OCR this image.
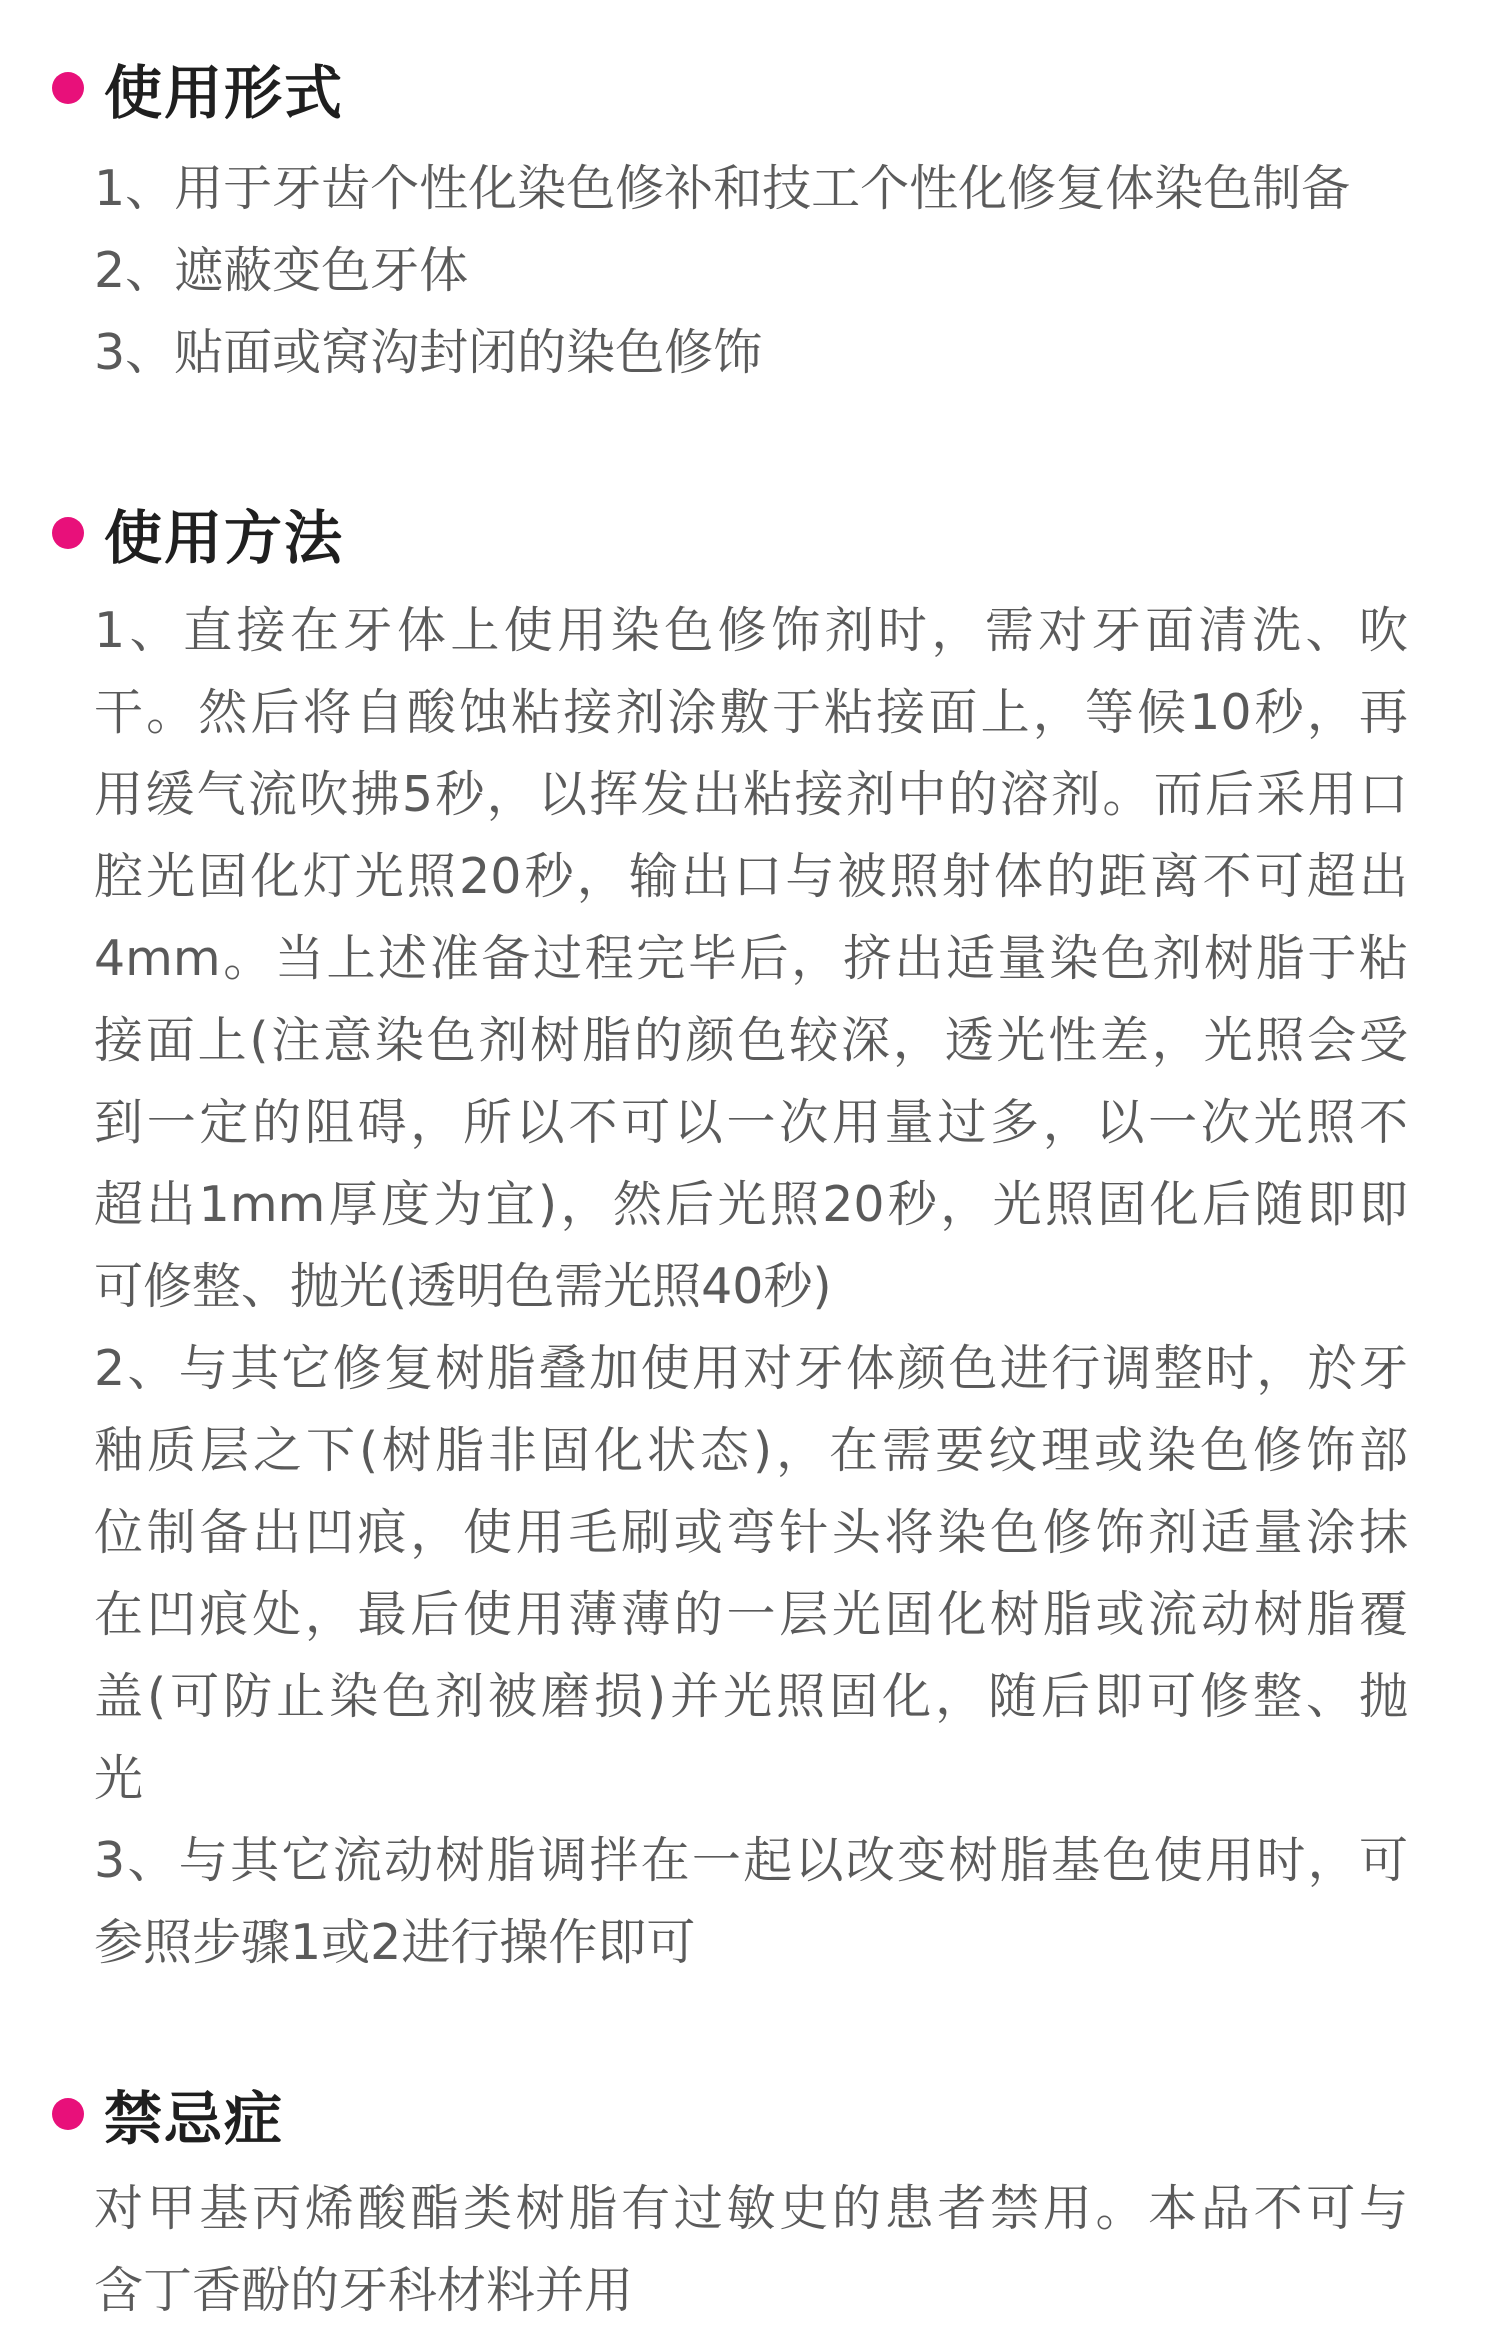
使用形式
1、用于牙齿个性化染色修补和技工个性化修复体染色制备
2、遮蔽变色牙体
3、贴面或窝沟封闭的染色修饰
使用方法
1、直接在牙体上使用染色修饰剂时，需对牙面清洗、吹
干。然后将自酸蚀粘接剂涂敷于粘接面上，等候10秒，再
用缓气流吹拂5秒，以挥发出粘接剂中的溶剂。而后采用口
腔光固化灯光照20秒，输出口与被照射体的距离不可超出
4mm。当上述准备过程完毕后，挤出适量染色剂树脂于粘
接面上(注意染色剂树脂的颜色较深，透光性差，光照会受
到一定的阻碍，所以不可以一次用量过多，以一次光照不
超出1mm厚度为宜)，然后光照20秒，光照固化后随即即
可修整、抛光(透明色需光照40秒)
2、与其它修复树脂叠加使用对牙体颜色进行调整时，於牙
釉质层之下(树脂非固化状态)，在需要纹理或染色修饰部
位制备出凹痕，使用毛刷或弯针头将染色修饰剂适量涂抹
在凹痕处，最后使用薄薄的一层光固化树脂或流动树脂覆
盖(可防止染色剂被磨损)并光照固化，随后即可修整、抛
光
3、与其它流动树脂调拌在一起以改变树脂基色使用时，可
参照步骤1或2进行操作即可
禁忌症
对甲基丙烯酸酯类树脂有过敏史的患者禁用。本品不可与
含丁香酚的牙科材料并用
